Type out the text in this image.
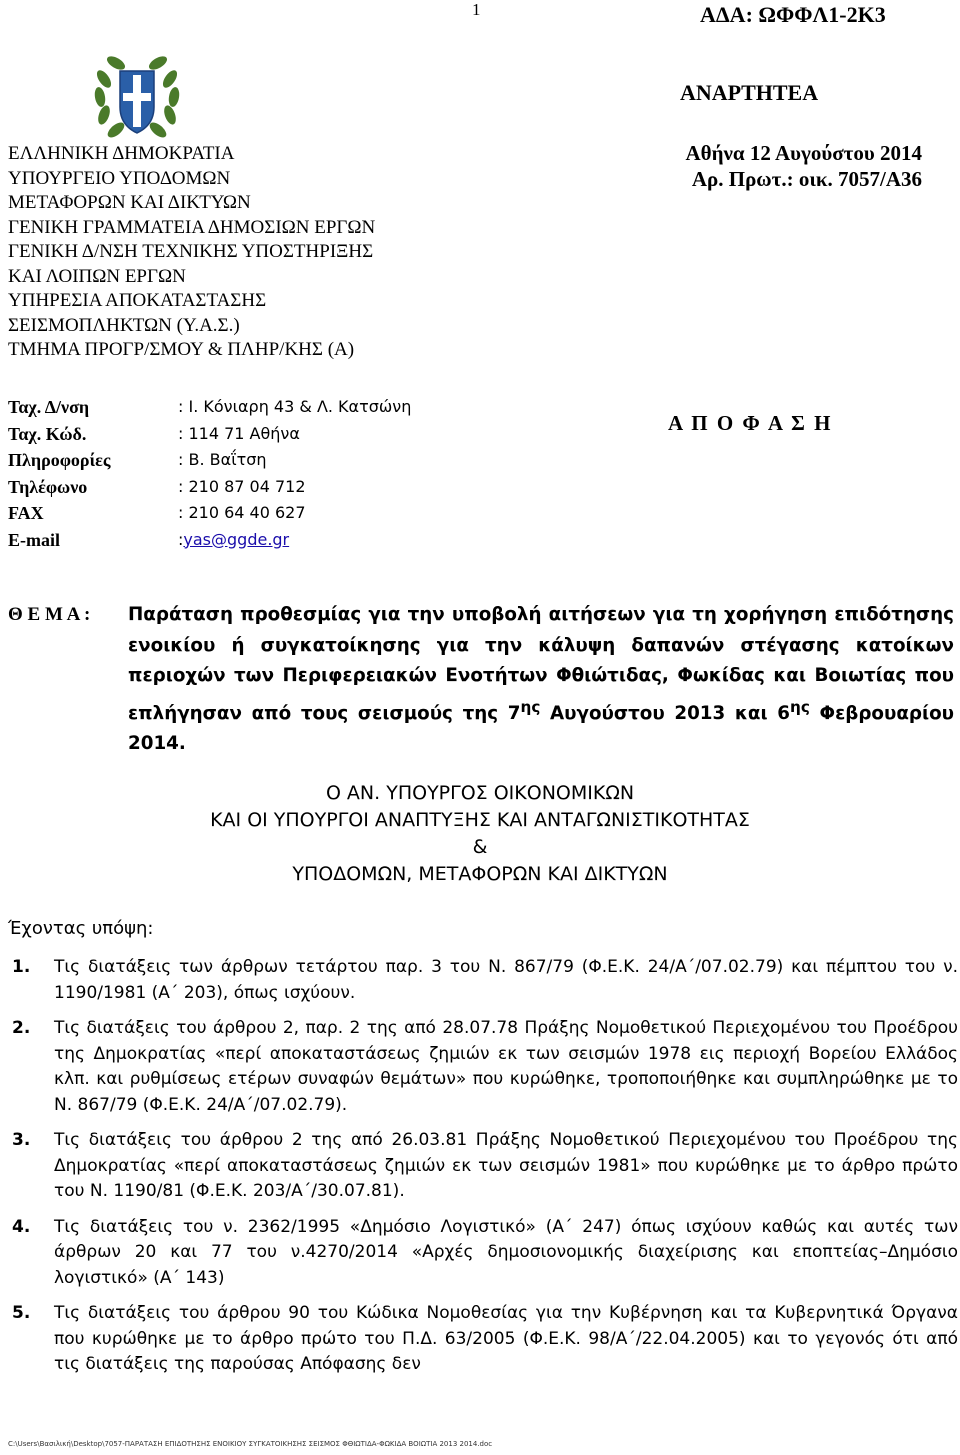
1	ΑΔΑ: ΩΦΦΛ1-2Κ3
ΑΝΑΡΤΗΤΕΑ
ΕΛΛΗΝΙΚΗ ΔΗΜΟΚΡΑΤΙΑ
ΥΠΟΥΡΓΕΙΟ ΥΠΟΔΟΜΩΝ
ΜΕΤΑΦΟΡΩΝ ΚΑΙ ΔΙΚΤΥΩΝ
ΓΕΝΙΚΗ ΓΡΑΜΜΑΤΕΙΑ ΔΗΜΟΣΙΩΝ ΕΡΓΩΝ
ΓΕΝΙΚΗ Δ/ΝΣΗ ΤΕΧΝΙΚΗΣ ΥΠΟΣΤΗΡΙΞΗΣ
ΚΑΙ ΛΟΙΠΩΝ ΕΡΓΩΝ
ΥΠΗΡΕΣΙΑ ΑΠΟΚΑΤΑΣΤΑΣΗΣ
ΣΕΙΣΜΟΠΛΗΚΤΩΝ (Υ.Α.Σ.)
ΤΜΗΜΑ ΠΡΟΓΡ/ΣΜΟΥ & ΠΛΗΡ/ΚΗΣ (Α)
Αθήνα 12 Αυγούστου 2014
Αρ. Πρωτ.: οικ. 7057/Α36
Ταχ. Δ/νση	: Ι. Κόνιαρη 43 & Λ. Κατσώνη
Ταχ. Κώδ.	: 114 71 Αθήνα
Πληροφορίες	: Β. Βαΐτση
Τηλέφωνο	: 210 87 04 712
FAX	: 210 64 40 627
E-mail	: yas@ggde.gr
Α Π Ο Φ Α Σ Η
Θ Ε Μ Α :	Παράταση προθεσμίας για την υποβολή αιτήσεων για τη χορήγηση επιδότησης ενοικίου ή συγκατοίκησης για την κάλυψη δαπανών στέγασης κατοίκων περιοχών των Περιφερειακών Ενοτήτων Φθιώτιδας, Φωκίδας και Βοιωτίας που επλήγησαν από τους σεισμούς της $7^{\eta\varsigma}$ Αυγούστου 2013 και $6^{\eta\varsigma}$ Φεβρουαρίου 2014.
Ο ΑΝ. ΥΠΟΥΡΓΟΣ ΟΙΚΟΝΟΜΙΚΩΝ
ΚΑΙ ΟΙ ΥΠΟΥΡΓΟΙ ΑΝΑΠΤΥΞΗΣ ΚΑΙ ΑΝΤΑΓΩΝΙΣΤΙΚΟΤΗΤΑΣ
&
ΥΠΟΔΟΜΩΝ, ΜΕΤΑΦΟΡΩΝ ΚΑΙ ΔΙΚΤΥΩΝ
Έχοντας υπόψη:
1.	Τις διατάξεις των άρθρων τετάρτου παρ. 3 του Ν. 867/79 (Φ.Ε.Κ. 24/Α΄/07.02.79) και πέμπτου του ν. 1190/1981 (Α΄ 203), όπως ισχύουν.
2.	Τις διατάξεις του άρθρου 2, παρ. 2 της από 28.07.78 Πράξης Νομοθετικού Περιεχομένου του Προέδρου της Δημοκρατίας «περί αποκαταστάσεως ζημιών εκ των σεισμών 1978 εις περιοχή Βορείου Ελλάδος κλπ. και ρυθμίσεως ετέρων συναφών θεμάτων» που κυρώθηκε, τροποποιήθηκε και συμπληρώθηκε με το Ν. 867/79 (Φ.Ε.Κ. 24/Α΄/07.02.79).
3.	Τις διατάξεις του άρθρου 2 της από 26.03.81 Πράξης Νομοθετικού Περιεχομένου του Προέδρου της Δημοκρατίας «περί αποκαταστάσεως ζημιών εκ των σεισμών 1981» που κυρώθηκε με το άρθρο πρώτο του Ν. 1190/81 (Φ.Ε.Κ. 203/Α΄/30.07.81).
4.	Τις διατάξεις του ν. 2362/1995 «Δημόσιο Λογιστικό» (Α΄ 247) όπως ισχύουν καθώς και αυτές των άρθρων 20 και 77 του ν.4270/2014 «Αρχές δημοσιονομικής διαχείρισης και εποπτείας–Δημόσιο λογιστικό» (Α΄ 143)
5.	Τις διατάξεις του άρθρου 90 του Κώδικα Νομοθεσίας για την Κυβέρνηση και τα Κυβερνητικά Όργανα που κυρώθηκε με το άρθρο πρώτο του Π.Δ. 63/2005 (Φ.Ε.Κ. 98/Α΄/22.04.2005) και το γεγονός ότι από τις διατάξεις της παρούσας Απόφασης δεν
C:\Users\Βασιλική\Desktop\7057-ΠΑΡΑΤΑΣΗ ΕΠΙΔΟΤΗΣΗΣ ΕΝΟΙΚΙΟΥ ΣΥΓΚΑΤΟΙΚΗΣΗΣ ΣΕΙΣΜΟΣ ΦΘΙΩΤΙΔΑ-ΦΩΚΙΔΑ ΒΟΙΩΤΙΑ 2013 2014.doc
